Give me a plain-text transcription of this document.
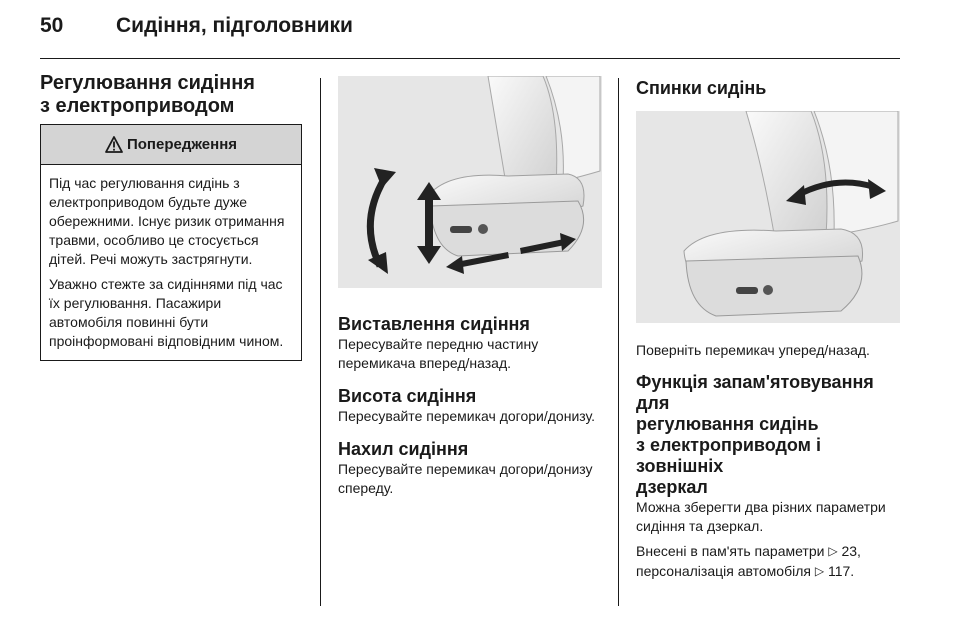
50	Сидіння, підголовники
Регулювання сидіння
з електроприводом
Попередження

Під час регулювання сидінь з електроприводом будьте дуже обережними. Існує ризик отримання травми, особливо це стосується дітей. Речі можуть застрягнути.

Уважно стежте за сидіннями під час їх регулювання. Пасажири автомобіля повинні бути проінформовані відповідним чином.

Виставлення сидіння
Пересувайте передню частину перемикача вперед/назад.
Висота сидіння
Пересувайте перемикач догори/донизу.
Нахил сидіння
Пересувайте перемикач догори/донизу спереду.
Спинки сидінь
Поверніть перемикач уперед/назад.
Функція запам'ятовування для
регулювання сидінь
з електроприводом і зовнішніх
дзеркал
Можна зберегти два різних параметри сидіння та дзеркал.
Внесені в пам'ять параметри ▷ 23, персоналізація автомобіля ▷ 117.
